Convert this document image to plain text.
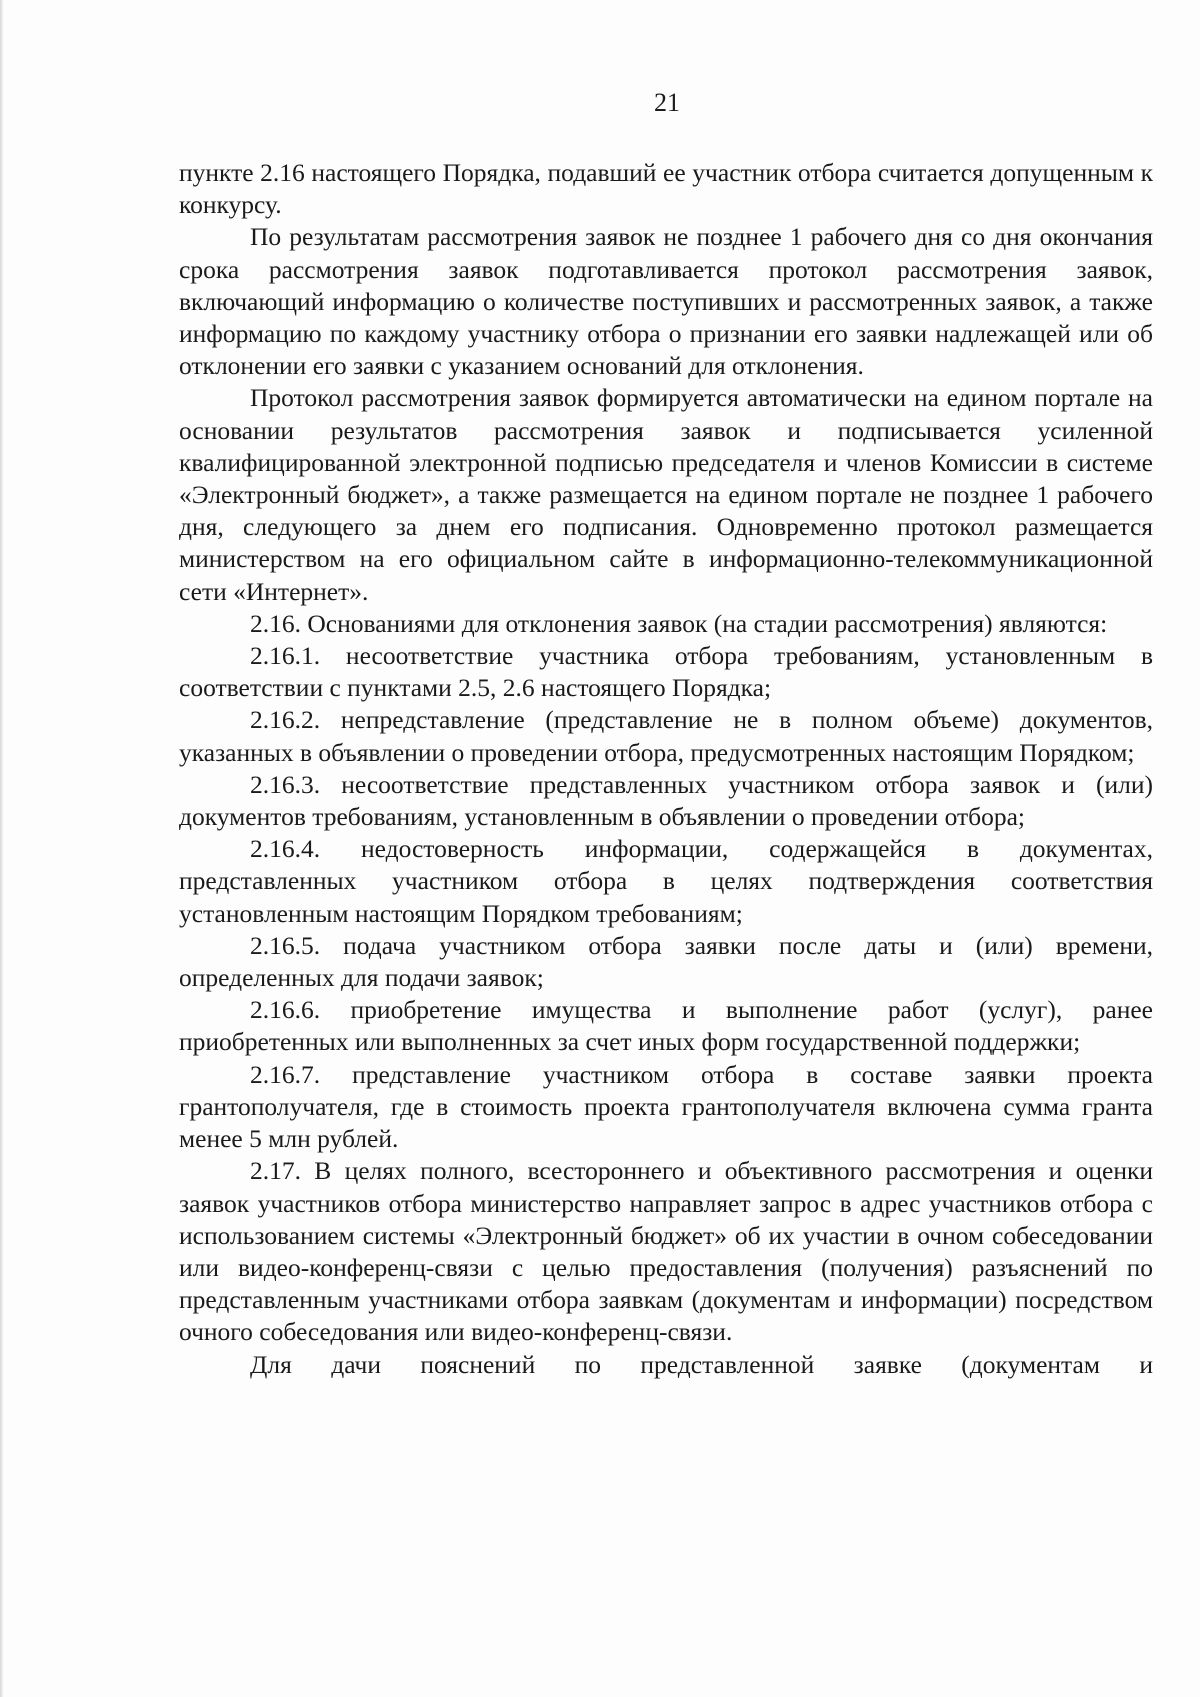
21

пункте 2.16 настоящего Порядка, подавший ее участник отбора считается допущенным к конкурсу.

По результатам рассмотрения заявок не позднее 1 рабочего дня со дня окончания срока рассмотрения заявок подготавливается протокол рассмотрения заявок, включающий информацию о количестве поступивших и рассмотренных заявок, а также информацию по каждому участнику отбора о признании его заявки надлежащей или об отклонении его заявки с указанием оснований для отклонения.

Протокол рассмотрения заявок формируется автоматически на едином портале на основании результатов рассмотрения заявок и подписывается усиленной квалифицированной электронной подписью председателя и членов Комиссии в системе «Электронный бюджет», а также размещается на едином портале не позднее 1 рабочего дня, следующего за днем его подписания. Одновременно протокол размещается министерством на его официальном сайте в информационно-телекоммуникационной сети «Интернет».

2.16. Основаниями для отклонения заявок (на стадии рассмотрения) являются:

2.16.1. несоответствие участника отбора требованиям, установленным в соответствии с пунктами 2.5, 2.6 настоящего Порядка;

2.16.2. непредставление (представление не в полном объеме) документов, указанных в объявлении о проведении отбора, предусмотренных настоящим Порядком;

2.16.3. несоответствие представленных участником отбора заявок и (или) документов требованиям, установленным в объявлении о проведении отбора;

2.16.4. недостоверность информации, содержащейся в документах, представленных участником отбора в целях подтверждения соответствия установленным настоящим Порядком требованиям;

2.16.5. подача участником отбора заявки после даты и (или) времени, определенных для подачи заявок;

2.16.6. приобретение имущества и выполнение работ (услуг), ранее приобретенных или выполненных за счет иных форм государственной поддержки;

2.16.7. представление участником отбора в составе заявки проекта грантополучателя, где в стоимость проекта грантополучателя включена сумма гранта менее 5 млн рублей.

2.17. В целях полного, всестороннего и объективного рассмотрения и оценки заявок участников отбора министерство направляет запрос в адрес участников отбора с использованием системы «Электронный бюджет» об их участии в очном собеседовании или видео-конференц-связи с целью предоставления (получения) разъяснений по представленным участниками отбора заявкам (документам и информации) посредством очного собеседования или видео-конференц-связи.

Для дачи пояснений по представленной заявке (документам и
